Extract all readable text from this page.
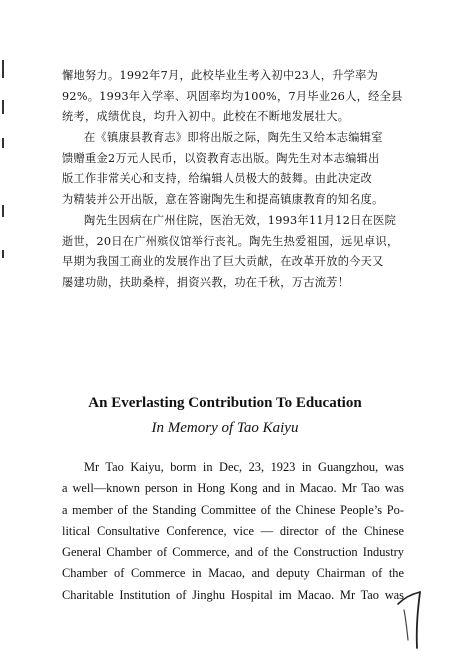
懈地努力。1992年7月，此校毕业生考入初中23人，升学率为
92%。1993年入学率、巩固率均为100%，7月毕业26人，经全县
统考，成绩优良，均升入初中。此校在不断地发展壮大。

在《镇康县教育志》即将出版之际，陶先生又给本志编辑室
馈赠重金2万元人民币，以资教育志出版。陶先生对本志编辑出
版工作非常关心和支持，给编辑人员极大的鼓舞。由此决定改
为精装并公开出版，意在答谢陶先生和提高镇康教育的知名度。

陶先生因病在广州住院，医治无效，1993年11月12日在医院
逝世，20日在广州殡仪馆举行丧礼。陶先生热爱祖国，远见卓识，
早期为我国工商业的发展作出了巨大贡献，在改革开放的今天又
屡建功勋，扶助桑梓，捐资兴教，功在千秋，万古流芳！

An Everlasting Contribution To Education
In Memory of Tao Kaiyu

Mr Tao Kaiyu, borm in Dec, 23, 1923 in Guangzhou, was
a well—known person in Hong Kong and in Macao. Mr Tao was
a member of the Standing Committee of the Chinese People’s Po-
litical Consultative Conference, vice — director of the Chinese
General Chamber of Commerce, and of the Construction Industry
Chamber of Commerce in Macao, and deputy Chairman of the
Charitable Institution of Jinghu Hospital im Macao. Mr Tao was
